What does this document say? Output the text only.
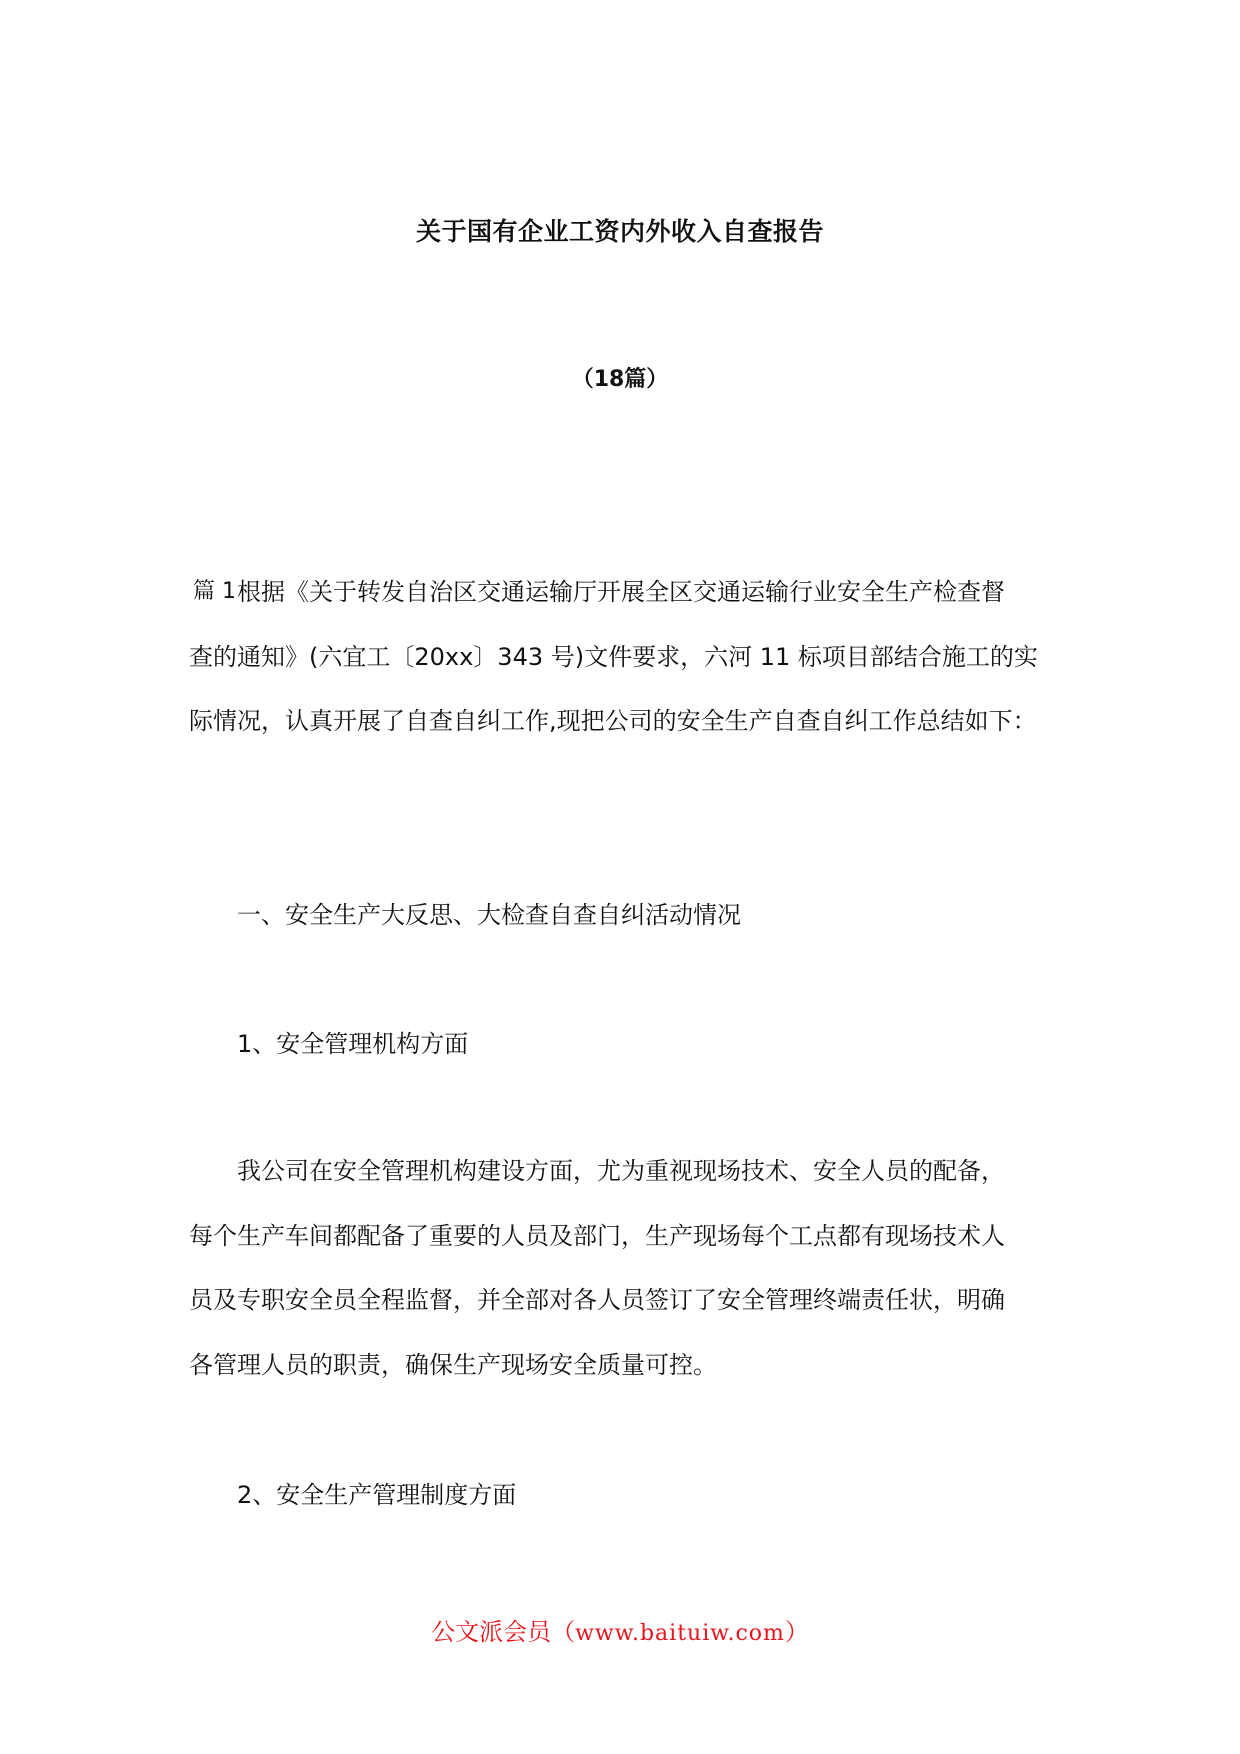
关于国有企业工资内外收入自查报告
（18篇）
篇 1 根据《关于转发自治区交通运输厅开展全区交通运输行业安全生产检查督
查的通知》(六宜工〔20xx〕343 号)文件要求，六河 11 标项目部结合施工的实
际情况，认真开展了自查自纠工作,现把公司的安全生产自查自纠工作总结如下：
一、安全生产大反思、大检查自查自纠活动情况
1、安全管理机构方面
我公司在安全管理机构建设方面，尤为重视现场技术、安全人员的配备，
每个生产车间都配备了重要的人员及部门，生产现场每个工点都有现场技术人
员及专职安全员全程监督，并全部对各人员签订了安全管理终端责任状，明确
各管理人员的职责，确保生产现场安全质量可控。
2、安全生产管理制度方面
公文派会员（www.baituiw.com）
